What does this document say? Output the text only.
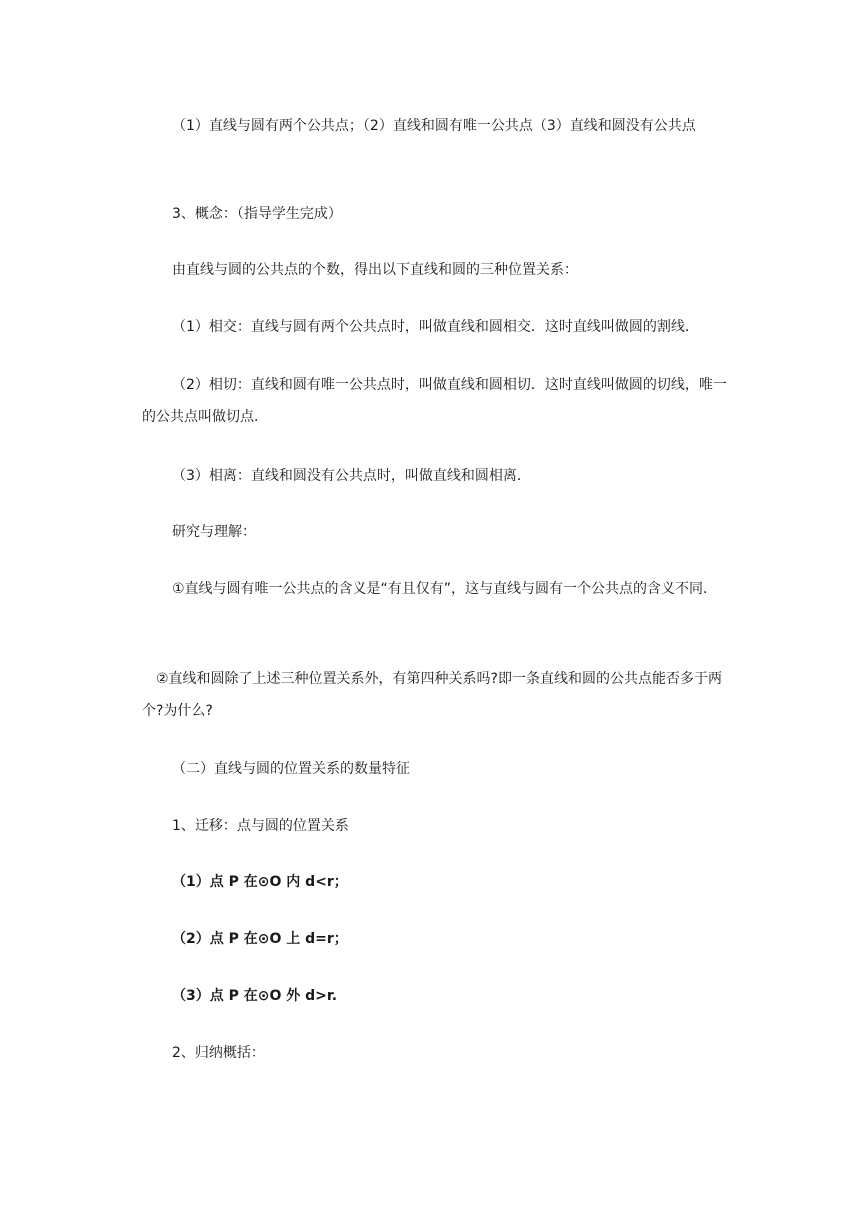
（1）直线与圆有两个公共点；（2）直线和圆有唯一公共点（3）直线和圆没有公共点

3、概念：（指导学生完成）

由直线与圆的公共点的个数，得出以下直线和圆的三种位置关系：

（1）相交：直线与圆有两个公共点时，叫做直线和圆相交．这时直线叫做圆的割线．

（2）相切：直线和圆有唯一公共点时，叫做直线和圆相切．这时直线叫做圆的切线，唯一的公共点叫做切点．

（3）相离：直线和圆没有公共点时，叫做直线和圆相离．

研究与理解：

①直线与圆有唯一公共点的含义是“有且仅有”，这与直线与圆有一个公共点的含义不同．

②直线和圆除了上述三种位置关系外，有第四种关系吗?即一条直线和圆的公共点能否多于两个?为什么?

（二）直线与圆的位置关系的数量特征

1、迁移：点与圆的位置关系

（1）点 P 在⊙O 内 d<r；

（2）点 P 在⊙O 上 d=r；

（3）点 P 在⊙O 外 d>r.

2、归纳概括：
